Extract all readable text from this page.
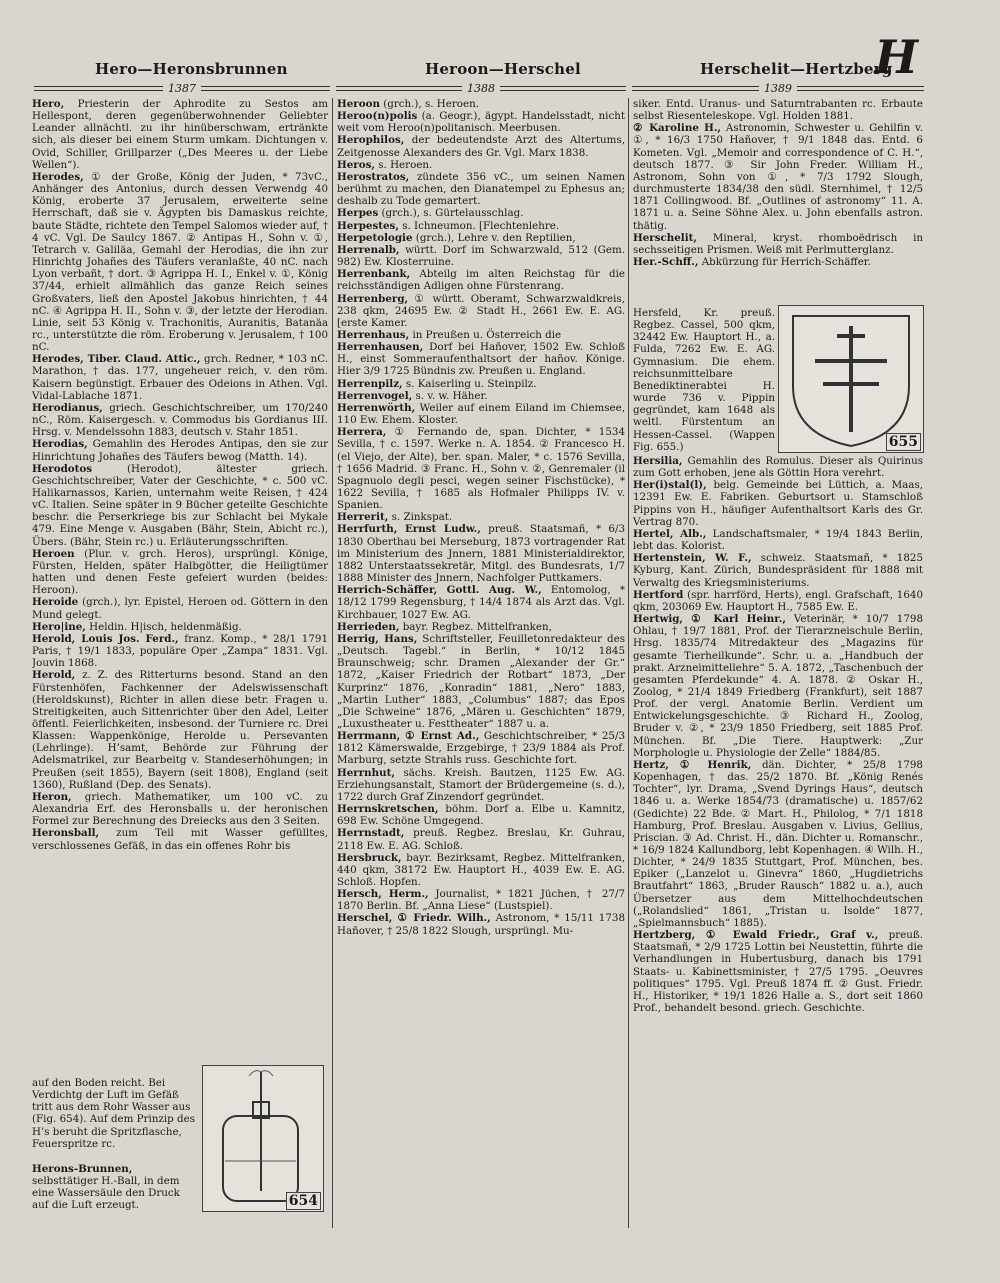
Hero—Heronsbrunnen	Heroon—Herschel	Herschelit—Hertzberg
H
1387	1388	1389

Hero, Priesterin der Aphrodite zu Sestos am Hellespont, deren gegenüberwohnender Geliebter Leander allnächtl. zu ihr hinüberschwam, ertränkte sich, als dieser bei einem Sturm umkam. Dichtungen v. Ovid, Schiller, Grillparzer („Des Meeres u. der Liebe Wellen“).

Herodes, ① der Große, König der Juden, * 73vC., Anhänger des Antonius, durch dessen Verwendg 40 König, eroberte 37 Jerusalem, erweiterte seine Herrschaft, daß sie v. Ägypten bis Damaskus reichte, baute Städte, richtete den Tempel Salomos wieder auf, † 4 vC. Vgl. De Saulcy 1867. ② Antipas H., Sohn v. ①, Tetrarch v. Galiläa, Gemahl der Herodias, die ihn zur Hinrichtg Johañes des Täufers veranlaßte, 40 nC. nach Lyon verbañt, † dort. ③ Agrippa H. I., Enkel v. ①, König 37/44, erhielt allmählich das ganze Reich seines Großvaters, ließ den Apostel Jakobus hinrichten, † 44 nC. ④ Agrippa H. II., Sohn v. ③, der letzte der Herodian. Linie, seit 53 König v. Trachonitis, Auranitis, Batanäa rc., unterstützte die röm. Eroberung v. Jerusalem, † 100 nC.

Herodes, Tiber. Claud. Attic., grch. Redner, * 103 nC. Marathon, † das. 177, ungeheuer reich, v. den röm. Kaisern begünstigt. Erbauer des Odeions in Athen. Vgl. Vidal-Lablache 1871.

Herodianus, griech. Geschichtschreiber, um 170/240 nC., Röm. Kaisergesch. v. Commodus bis Gordianus III. Hrsg. v. Mendelssohn 1883, deutsch v. Stahr 1851.

Herodias, Gemahlin des Herodes Antipas, den sie zur Hinrichtung Johañes des Täufers bewog (Matth. 14).

Herodotos (Herodot), ältester griech. Geschichtschreiber, Vater der Geschichte, * c. 500 vC. Halikarnassos, Karien, unternahm weite Reisen, † 424 vC. Italien. Seine später in 9 Bücher geteilte Geschichte beschr. die Perserkriege bis zur Schlacht bei Mykale 479. Eine Menge v. Ausgaben (Bähr, Stein, Abicht rc.), Übers. (Bähr, Stein rc.) u. Erläuterungsschriften.

Heroen (Plur. v. grch. Heros), ursprüngl. Könige, Fürsten, Helden, später Halbgötter, die Heiligtümer hatten und denen Feste gefeiert wurden (beides: Heroon).

Heroide (grch.), lyr. Epistel, Heroen od. Göttern in den Mund gelegt.

Hero|ine, Heldin. H|isch, heldenmäßig.

Herold, Louis Jos. Ferd., franz. Komp., * 28/1 1791 Paris, † 19/1 1833, populäre Oper „Zampa“ 1831. Vgl. Jouvin 1868.

Herold, z. Z. des Ritterturns besond. Stand an den Fürstenhöfen, Fachkenner der Adelswissenschaft (Heroldskunst), Richter in allen diese betr. Fragen u. Streitigkeiten, auch Sittenrichter über den Adel, Leiter öffentl. Feierlichkeiten, insbesond. der Turniere rc. Drei Klassen: Wappenkönige, Herolde u. Persevanten (Lehrlinge). H’samt, Behörde zur Führung der Adelsmatrikel, zur Bearbeitg v. Standeserhöhungen; in Preußen (seit 1855), Bayern (seit 1808), England (seit 1360), Rußland (Dep. des Senats).

Heron, griech. Mathematiker, um 100 vC. zu Alexandria Erf. des Heronsballs u. der heronischen Formel zur Berechnung des Dreiecks aus den 3 Seiten.

Heronsball, zum Teil mit Wasser gefülltes, verschlossenes Gefäß, in das ein offenes Rohr bis

654
auf den Boden reicht. Bei Verdichtg der Luft im Gefäß tritt aus dem Rohr Wasser aus (Fig. 654). Auf dem Prinzip des H’s beruht die Spritzflasche, Feuerspritze rc.
Herons-Brunnen, selbsttätiger H.-Ball, in dem eine Wassersäule den Druck auf die Luft erzeugt.

Heroon (grch.), s. Heroen.

Heroo(n)polis (a. Geogr.), ägypt. Handelsstadt, nicht weit vom Heroo(n)politanisch. Meerbusen.

Herophilos, der bedeutendste Arzt des Altertums, Zeitgenosse Alexanders des Gr. Vgl. Marx 1838.

Heros, s. Heroen.

Herostratos, zündete 356 vC., um seinen Namen berühmt zu machen, den Dianatempel zu Ephesus an; deshalb zu Tode gemartert.

Herpes (grch.), s. Gürtelausschlag.

Herpestes, s. Ichneumon. [Flechtenlehre.

Herpetologie (grch.), Lehre v. den Reptilien,

Herrenalb, württ. Dorf im Schwarzwald, 512 (Gem. 982) Ew. Klosterruine.

Herrenbank, Abteilg im alten Reichstag für die reichsständigen Adligen ohne Fürstenrang.

Herrenberg, ① württ. Oberamt, Schwarzwaldkreis, 238 qkm, 24695 Ew. ② Stadt H., 2661 Ew. E. AG. [erste Kamer.

Herrenhaus, in Preußen u. Österreich die

Herrenhausen, Dorf bei Hañover, 1502 Ew. Schloß H., einst Sommeraufenthaltsort der hañov. Könige. Hier 3/9 1725 Bündnis zw. Preußen u. England.

Herrenpilz, s. Kaiserling u. Steinpilz.

Herrenvogel, s. v. w. Häher.

Herrenwörth, Weiler auf einem Eiland im Chiemsee, 110 Ew. Ehem. Kloster.

Herrera, ① Fernando de, span. Dichter, * 1534 Sevilla, † c. 1597. Werke n. A. 1854. ② Francesco H. (el Viejo, der Alte), ber. span. Maler, * c. 1576 Sevilla, † 1656 Madrid. ③ Franc. H., Sohn v. ②, Genremaler (il Spagnuolo degli pesci, wegen seiner Fischstücke), * 1622 Sevilla, † 1685 als Hofmaler Philipps IV. v. Spanien.

Herrerit, s. Zinkspat.

Herrfurth, Ernst Ludw., preuß. Staatsmañ, * 6/3 1830 Oberthau bei Merseburg, 1873 vortragender Rat im Ministerium des Jnnern, 1881 Ministerialdirektor, 1882 Unterstaatssekretär, Mitgl. des Bundesrats, 1/7 1888 Minister des Jnnern, Nachfolger Puttkamers.

Herrich-Schäffer, Gottl. Aug. W., Entomolog, * 18/12 1799 Regensburg, † 14/4 1874 als Arzt das. Vgl. Kirchbauer, 1027 Ew. AG.

Herrieden, bayr. Regbez. Mittelfranken,

Herrig, Hans, Schriftsteller, Feuilletonredakteur des „Deutsch. Tagebl.“ in Berlin, * 10/12 1845 Braunschweig; schr. Dramen „Alexander der Gr.“ 1872, „Kaiser Friedrich der Rotbart“ 1873, „Der Kurprinz“ 1876, „Konradin“ 1881, „Nero“ 1883, „Martin Luther“ 1883, „Columbus“ 1887; das Epos „Die Schweine“ 1876, „Mären u. Geschichten“ 1879, „Luxustheater u. Festtheater“ 1887 u. a.

Herrmann, ① Ernst Ad., Geschichtschreiber, * 25/3 1812 Kämerswalde, Erzgebirge, † 23/9 1884 als Prof. Marburg, setzte Strahls russ. Geschichte fort.

Herrnhut, sächs. Kreish. Bautzen, 1125 Ew. AG. Erziehungsanstalt, Stamort der Brüdergemeine (s. d.), 1722 durch Graf Zinzendorf gegründet.

Herrnskretschen, böhm. Dorf a. Elbe u. Kamnitz, 698 Ew. Schöne Umgegend.

Herrnstadt, preuß. Regbez. Breslau, Kr. Guhrau, 2118 Ew. E. AG. Schloß.

Hersbruck, bayr. Bezirksamt, Regbez. Mittelfranken, 440 qkm, 38172 Ew. Hauptort H., 4039 Ew. E. AG. Schloß. Hopfen.

Hersch, Herm., Journalist, * 1821 Jüchen, † 27/7 1870 Berlin. Bf. „Anna Liese“ (Lustspiel).

Herschel, ① Friedr. Wilh., Astronom, * 15/11 1738 Hañover, † 25/8 1822 Slough, ursprüngl. Mu-

siker. Entd. Uranus- und Saturntrabanten rc. Erbaute selbst Riesenteleskope. Vgl. Holden 1881.

② Karoline H., Astronomin, Schwester u. Gehilfin v. ①, * 16/3 1750 Hañover, † 9/1 1848 das. Entd. 6 Kometen. Vgl. „Memoir and correspondence of C. H.“, deutsch 1877. ③ Sir John Freder. William H., Astronom, Sohn von ①, * 7/3 1792 Slough, durchmusterte 1834/38 den südl. Sternhimel, † 12/5 1871 Collingwood. Bf. „Outlines of astronomy“ 11. A. 1871 u. a. Seine Söhne Alex. u. John ebenfalls astron. thätig.

Herschelit, Mineral, kryst. rhomboëdrisch in sechsseitigen Prismen. Weiß mit Perlmutterglanz.

Her.-Schff., Abkürzung für Herrich-Schäffer.

655
Hersfeld, Kr. preuß. Regbez. Cassel, 500 qkm, 32442 Ew. Hauptort H., a. Fulda, 7262 Ew. E. AG. Gymnasium. Die ehem. reichsunmittelbare Benediktinerabtei H. wurde 736 v. Pippin gegründet, kam 1648 als weltl. Fürstentum an Hessen-Cassel. (Wappen Fig. 655.)

Hersilia, Gemahlin des Romulus. Dieser als Quirinus zum Gott erhoben, jene als Göttin Hora verehrt.

Her(i)stal(l), belg. Gemeinde bei Lüttich, a. Maas, 12391 Ew. E. Fabriken. Geburtsort u. Stamschloß Pippins von H., häufiger Aufenthaltsort Karls des Gr. Vertrag 870.

Hertel, Alb., Landschaftsmaler, * 19/4 1843 Berlin, lebt das. Kolorist.

Hertenstein, W. F., schweiz. Staatsmañ, * 1825 Kyburg, Kant. Zürich, Bundespräsident für 1888 mit Verwaltg des Kriegsministeriums.

Hertford (spr. harrförd, Herts), engl. Grafschaft, 1640 qkm, 203069 Ew. Hauptort H., 7585 Ew. E.

Hertwig, ① Karl Heinr., Veterinär, * 10/7 1798 Ohlau, † 19/7 1881, Prof. der Tierarzneischule Berlin, Hrsg. 1835/74 Mitredakteur des „Magazins für gesamte Tierheilkunde“. Schr. u. a. „Handbuch der prakt. Arzneimittellehre“ 5. A. 1872, „Taschenbuch der gesamten Pferdekunde“ 4. A. 1878. ② Oskar H., Zoolog, * 21/4 1849 Friedberg (Frankfurt), seit 1887 Prof. der vergl. Anatomie Berlin. Verdient um Entwickelungsgeschichte. ③ Richard H., Zoolog, Bruder v. ②, * 23/9 1850 Friedberg, seit 1885 Prof. München. Bf. „Die Tiere. Hauptwerk: „Zur Morphologie u. Physiologie der Zelle“ 1884/85.

Hertz, ① Henrik, dän. Dichter, * 25/8 1798 Kopenhagen, † das. 25/2 1870. Bf. „König Renés Tochter“, lyr. Drama, „Svend Dyrings Haus“, deutsch 1846 u. a. Werke 1854/73 (dramatische) u. 1857/62 (Gedichte) 22 Bde. ② Mart. H., Philolog, * 7/1 1818 Hamburg, Prof. Breslau. Ausgaben v. Livius, Gellius, Priscian. ③ Ad. Christ. H., dän. Dichter u. Romanschr., * 16/9 1824 Kallundborg, lebt Kopenhagen. ④ Wilh. H., Dichter, * 24/9 1835 Stuttgart, Prof. München, bes. Epiker („Lanzelot u. Ginevra“ 1860, „Hugdietrichs Brautfahrt“ 1863, „Bruder Rausch“ 1882 u. a.), auch Übersetzer aus dem Mittelhochdeutschen („Rolandslied“ 1861, „Tristan u. Isolde“ 1877, „Spielmannsbuch“ 1885).

Hertzberg, ① Ewald Friedr., Graf v., preuß. Staatsmañ, * 2/9 1725 Lottin bei Neustettin, führte die Verhandlungen in Hubertusburg, danach bis 1791 Staats- u. Kabinettsminister, † 27/5 1795. „Oeuvres politiques“ 1795. Vgl. Preuß 1874 ff. ② Gust. Friedr. H., Historiker, * 19/1 1826 Halle a. S., dort seit 1860 Prof., behandelt besond. griech. Geschichte.
